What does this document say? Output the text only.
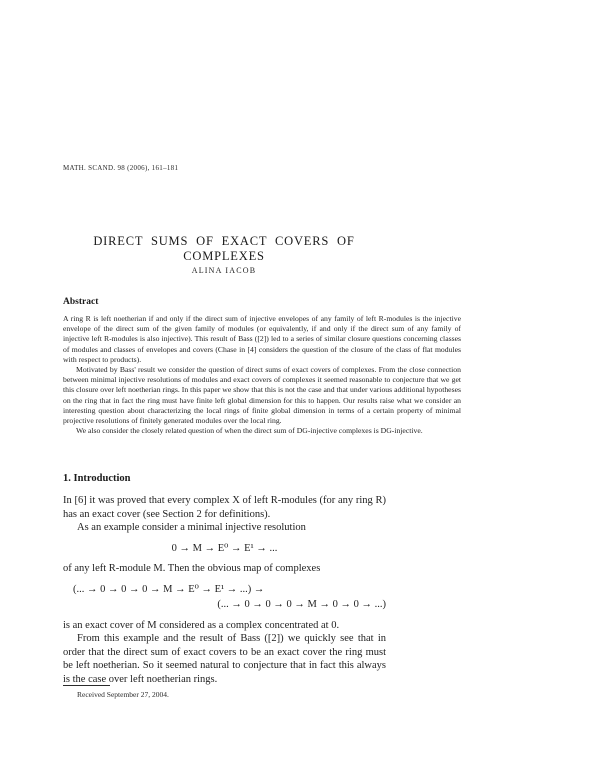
MATH. SCAND. 98 (2006), 161–181
DIRECT SUMS OF EXACT COVERS OF COMPLEXES
ALINA IACOB
Abstract

A ring R is left noetherian if and only if the direct sum of injective envelopes of any family of left R-modules is the injective envelope of the direct sum of the given family of modules (or equivalently, if and only if the direct sum of any family of injective left R-modules is also injective). This result of Bass ([2]) led to a series of similar closure questions concerning classes of modules and classes of envelopes and covers (Chase in [4] considers the question of the closure of the class of flat modules with respect to products).

Motivated by Bass' result we consider the question of direct sums of exact covers of complexes. From the close connection between minimal injective resolutions of modules and exact covers of complexes it seemed reasonable to conjecture that we get this closure over left noetherian rings. In this paper we show that this is not the case and that under various additional hypotheses on the ring that in fact the ring must have finite left global dimension for this to happen. Our results raise what we consider an interesting question about characterizing the local rings of finite global dimension in terms of a certain property of minimal projective resolutions of finitely generated modules over the local ring.

We also consider the closely related question of when the direct sum of DG-injective complexes is DG-injective.

1. Introduction

In [6] it was proved that every complex X of left R-modules (for any ring R) has an exact cover (see Section 2 for definitions).

As an example consider a minimal injective resolution

0 → M → E⁰ → E¹ → ...

of any left R-module M. Then the obvious map of complexes

(... → 0 → 0 → 0 → M → E⁰ → E¹ → ...) →
(... → 0 → 0 → 0 → M → 0 → 0 → ...)

is an exact cover of M considered as a complex concentrated at 0.

From this example and the result of Bass ([2]) we quickly see that in order that the direct sum of exact covers to be an exact cover the ring must be left noetherian. So it seemed natural to conjecture that in fact this always is the case over left noetherian rings.

Received September 27, 2004.
